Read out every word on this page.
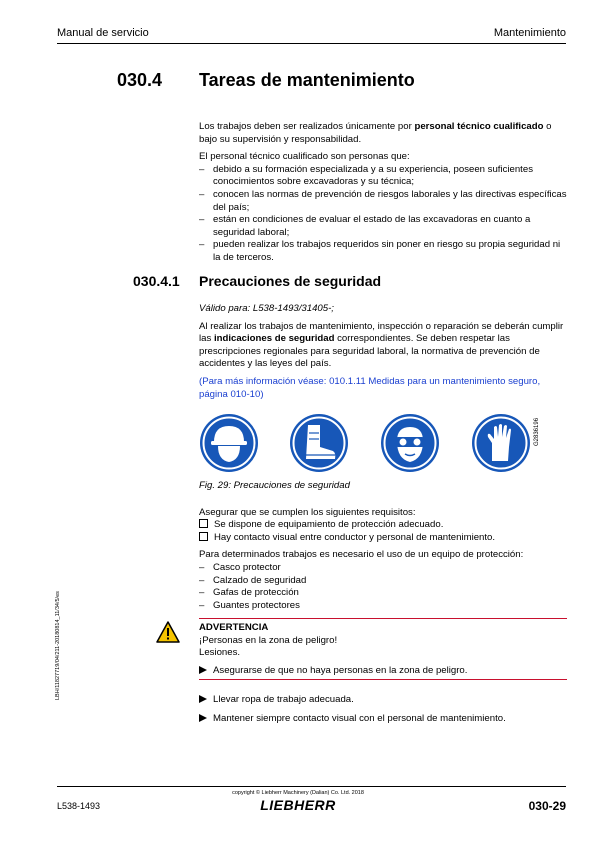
Manual de servicio	Mantenimiento
030.4 Tareas de mantenimiento
Los trabajos deben ser realizados únicamente por personal técnico cualificado o bajo su supervisión y responsabilidad.
El personal técnico cualificado son personas que:
– debido a su formación especializada y a su experiencia, poseen suficientes conocimientos sobre excavadoras y su técnica;
– conocen las normas de prevención de riesgos laborales y las directivas específicas del país;
– están en condiciones de evaluar el estado de las excavadoras en cuanto a seguridad laboral;
– pueden realizar los trabajos requeridos sin poner en riesgo su propia seguridad ni la de terceros.
030.4.1 Precauciones de seguridad
Válido para: L538-1493/31405-;
Al realizar los trabajos de mantenimiento, inspección o reparación se deberán cumplir las indicaciones de seguridad correspondientes. Se deben respetar las prescripciones regionales para seguridad laboral, la normativa de prevención de accidentes y las leyes del país.
(Para más información véase: 010.1.11 Medidas para un mantenimiento seguro, página 010-10)
G2836196
Fig. 29: Precauciones de seguridad
Asegurar que se cumplen los siguientes requisitos:
Se dispone de equipamiento de protección adecuado.
Hay contacto visual entre conductor y personal de mantenimiento.
Para determinados trabajos es necesario el uso de un equipo de protección:
– Casco protector
– Calzado de seguridad
– Gafas de protección
– Guantes protectores
LBH/11827719/04/211-20180814_11/34/5/es	ADVERTENCIA
¡Personas en la zona de peligro!
Lesiones.
Asegurarse de que no haya personas en la zona de peligro.
Llevar ropa de trabajo adecuada.
Mantener siempre contacto visual con el personal de mantenimiento.
copyright © Liebherr Machinery (Dalian) Co. Ltd. 2018
L538-1493	LIEBHERR	030-29
